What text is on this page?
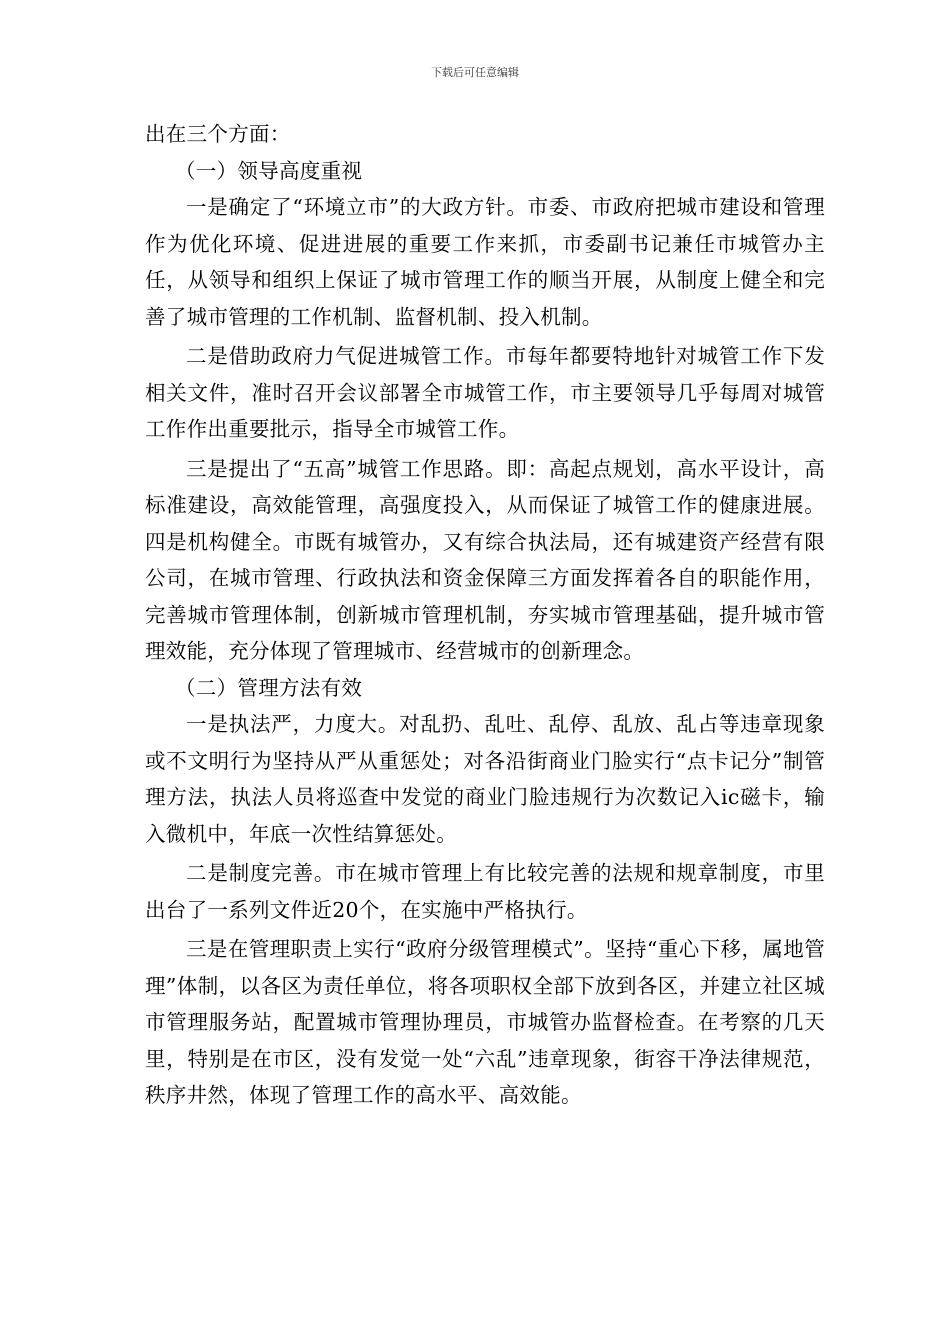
下载后可任意编辑

出在三个方面：

（一）领导高度重视

一是确定了“环境立市”的大政方针。市委、市政府把城市建设和管理作为优化环境、促进进展的重要工作来抓，市委副书记兼任市城管办主任，从领导和组织上保证了城市管理工作的顺当开展，从制度上健全和完善了城市管理的工作机制、监督机制、投入机制。

二是借助政府力气促进城管工作。市每年都要特地针对城管工作下发相关文件，准时召开会议部署全市城管工作，市主要领导几乎每周对城管工作作出重要批示，指导全市城管工作。

三是提出了“五高”城管工作思路。即：高起点规划，高水平设计，高标准建设，高效能管理，高强度投入，从而保证了城管工作的健康进展。四是机构健全。市既有城管办，又有综合执法局，还有城建资产经营有限公司，在城市管理、行政执法和资金保障三方面发挥着各自的职能作用，完善城市管理体制，创新城市管理机制，夯实城市管理基础，提升城市管理效能，充分体现了管理城市、经营城市的创新理念。

（二）管理方法有效

一是执法严，力度大。对乱扔、乱吐、乱停、乱放、乱占等违章现象或不文明行为坚持从严从重惩处；对各沿街商业门脸实行“点卡记分”制管理方法，执法人员将巡查中发觉的商业门脸违规行为次数记入ic磁卡，输入微机中，年底一次性结算惩处。

二是制度完善。市在城市管理上有比较完善的法规和规章制度，市里出台了一系列文件近20个，在实施中严格执行。

三是在管理职责上实行“政府分级管理模式”。坚持“重心下移，属地管理”体制，以各区为责任单位，将各项职权全部下放到各区，并建立社区城市管理服务站，配置城市管理协理员，市城管办监督检查。在考察的几天里，特别是在市区，没有发觉一处“六乱”违章现象，街容干净法律规范，秩序井然，体现了管理工作的高水平、高效能。
